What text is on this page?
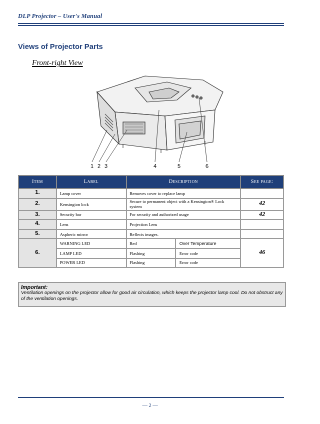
DLP Projector – User's Manual
Views of Projector Parts
Front-right View
1 2 3	4	5	6
Item	Label	Description		See page:
1.	Lamp cover	Removes cover to replace lamp		
2.	Kensington lock	Secure to permanent object with a Kensington® Lock system		42
3.	Security bar	For security and authorized usage		42
4.	Lens	Projection Lens		
5.	Aspheric mirror	Reflects images.		
6.	WARNING LED	Red	Over Temperature	46
	LAMP LED	Flashing	Error code	
	POWER LED	Flashing	Error code	
Important:
Ventilation openings on the projector allow for good air circulation, which keeps the projector lamp cool. Do not obstruct any of the ventilation openings.
— 2 —
